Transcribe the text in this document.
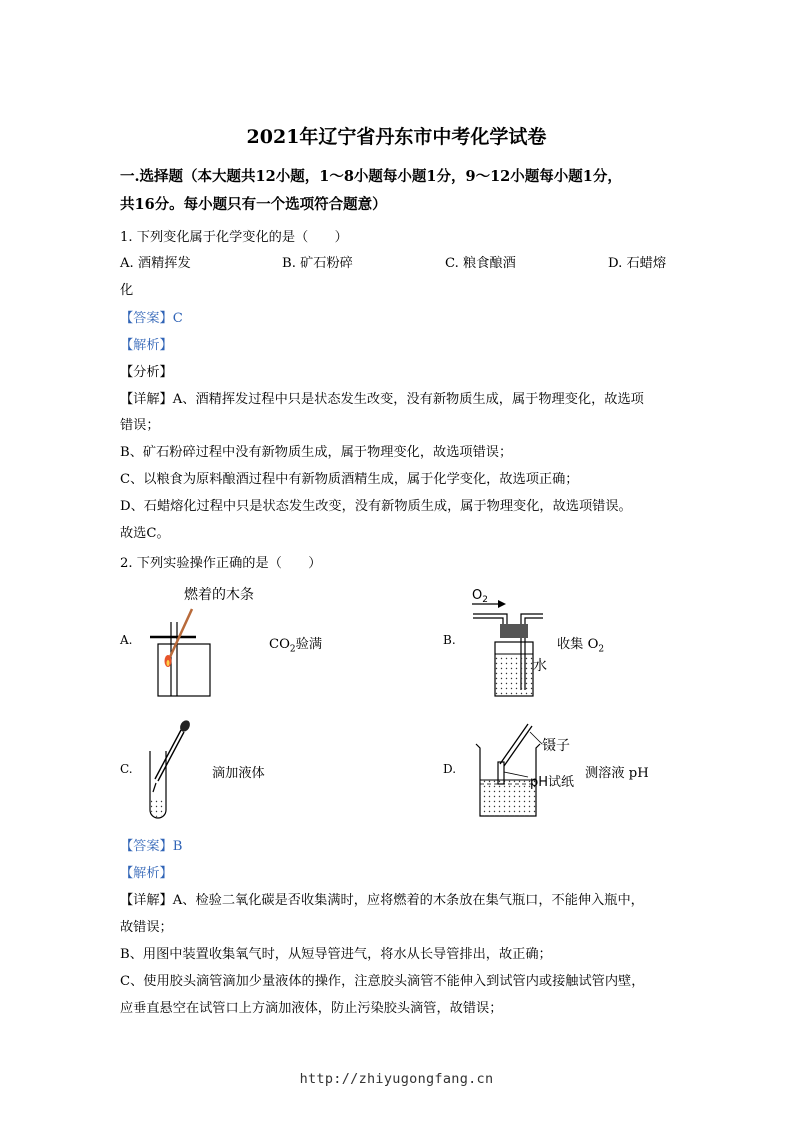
2021年辽宁省丹东市中考化学试卷
一.选择题（本大题共12小题，1～8小题每小题1分，9～12小题每小题1分，
共16分。每小题只有一个选项符合题意）
1. 下列变化属于化学变化的是（　　）
A. 酒精挥发	B. 矿石粉碎	C. 粮食酿酒	D. 石蜡熔
化
【答案】C
【解析】
【分析】
【详解】A、酒精挥发过程中只是状态发生改变，没有新物质生成，属于物理变化，故选项
错误；
B、矿石粉碎过程中没有新物质生成，属于物理变化，故选项错误；
C、以粮食为原料酿酒过程中有新物质酒精生成，属于化学变化，故选项正确；
D、石蜡熔化过程中只是状态发生改变，没有新物质生成，属于物理变化，故选项错误。
故选C。
2. 下列实验操作正确的是（　　）
A.
燃着的木条
$CO_2$验满	B.
$O_2$
水
收集 $O_2$
C.	滴加液体	D.
镊子
pH试纸
测溶液 pH
【答案】B
【解析】
【详解】A、检验二氧化碳是否收集满时，应将燃着的木条放在集气瓶口，不能伸入瓶中，
故错误；
B、用图中装置收集氧气时，从短导管进气，将水从长导管排出，故正确；
C、使用胶头滴管滴加少量液体的操作，注意胶头滴管不能伸入到试管内或接触试管内壁，
应垂直悬空在试管口上方滴加液体，防止污染胶头滴管，故错误；
http://zhiyugongfang.cn
